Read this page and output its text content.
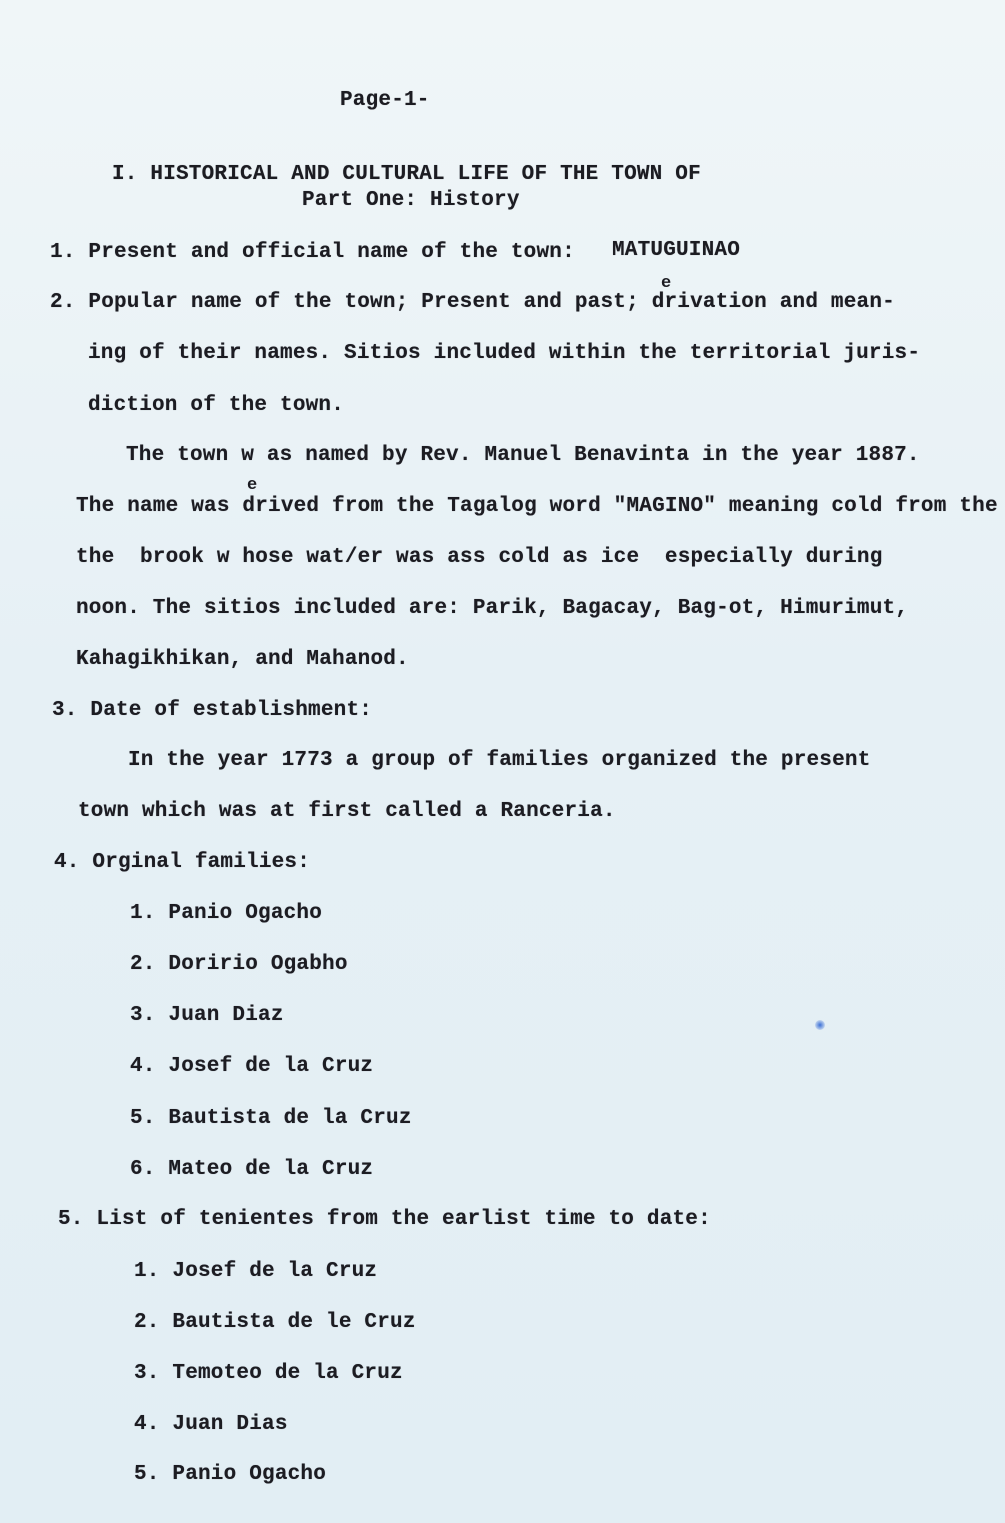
Page-1-
I. HISTORICAL AND CULTURAL LIFE OF THE TOWN OF
Part One: History
1. Present and official name of the town: MATUGUINAO
e
2. Popular name of the town; Present and past; drivation and mean-
ing of their names. Sitios included within the territorial juris-
diction of the town.
The town w as named by Rev. Manuel Benavinta in the year 1887.
e
The name was drived from the Tagalog word "MAGINO" meaning cold from the
the  brook w hose wat/er was ass cold as ice  especially during
noon. The sitios included are: Parik, Bagacay, Bag-ot, Himurimut,
Kahagikhikan, and Mahanod.
3. Date of establishment:
In the year 1773 a group of families organized the present
town which was at first called a Ranceria.
4. Orginal families:
1. Panio Ogacho
2. Doririo Ogabho
3. Juan Diaz
4. Josef de la Cruz
5. Bautista de la Cruz
6. Mateo de la Cruz
5. List of tenientes from the earlist time to date:
1. Josef de la Cruz
2. Bautista de le Cruz
3. Temoteo de la Cruz
4. Juan Dias
5. Panio Ogacho
